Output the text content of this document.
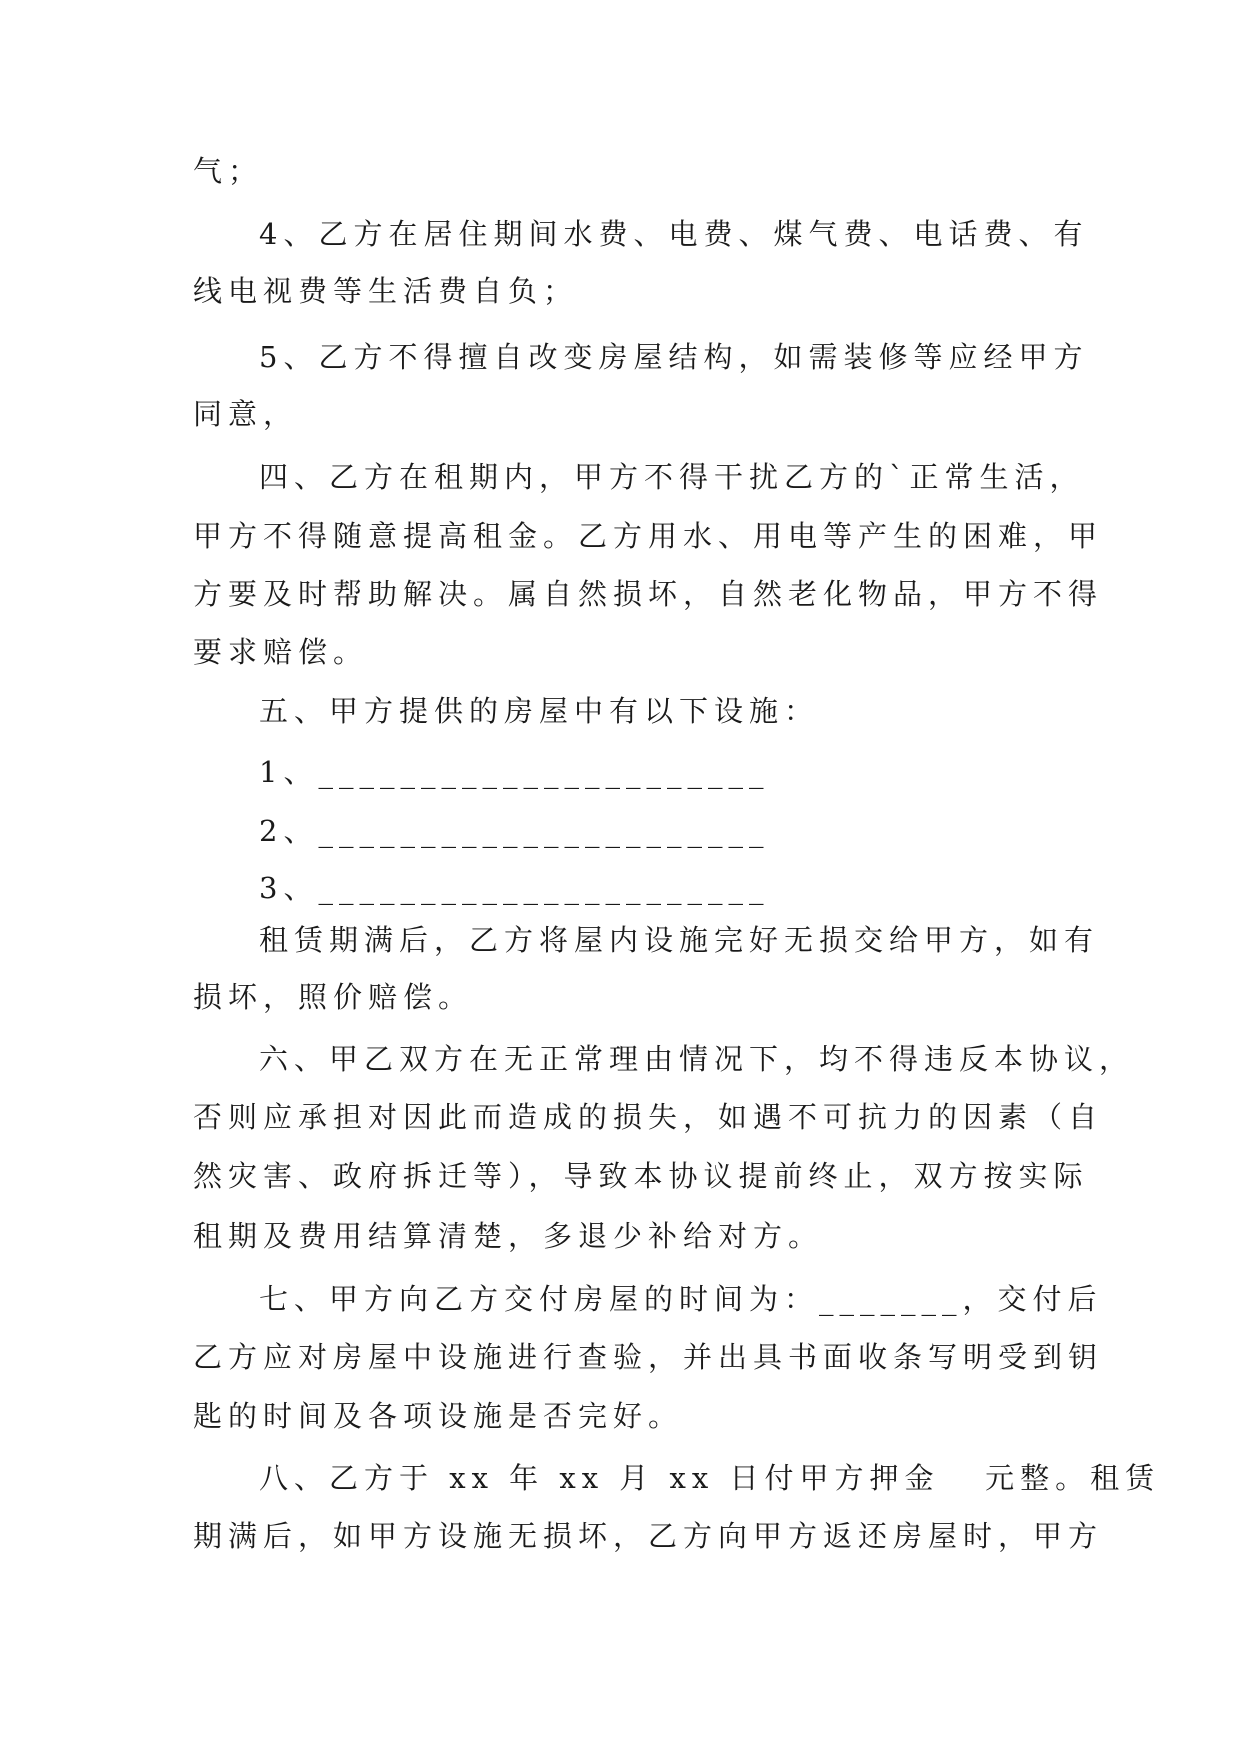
气；
4、乙方在居住期间水费、电费、煤气费、电话费、有
线电视费等生活费自负；
5、乙方不得擅自改变房屋结构，如需装修等应经甲方
同意，
四、乙方在租期内，甲方不得干扰乙方的`正常生活，
甲方不得随意提高租金。乙方用水、用电等产生的困难，甲
方要及时帮助解决。属自然损坏，自然老化物品，甲方不得
要求赔偿。
五、甲方提供的房屋中有以下设施：
1、______________________
2、______________________
3、______________________
租赁期满后，乙方将屋内设施完好无损交给甲方，如有
损坏，照价赔偿。
六、甲乙双方在无正常理由情况下，均不得违反本协议，
否则应承担对因此而造成的损失，如遇不可抗力的因素（自
然灾害、政府拆迁等），导致本协议提前终止，双方按实际
租期及费用结算清楚，多退少补给对方。
七、甲方向乙方交付房屋的时间为：_______，交付后
乙方应对房屋中设施进行查验，并出具书面收条写明受到钥
匙的时间及各项设施是否完好。
八、乙方于 xx 年 xx 月 xx 日付甲方押金   元整。租赁
期满后，如甲方设施无损坏，乙方向甲方返还房屋时，甲方
